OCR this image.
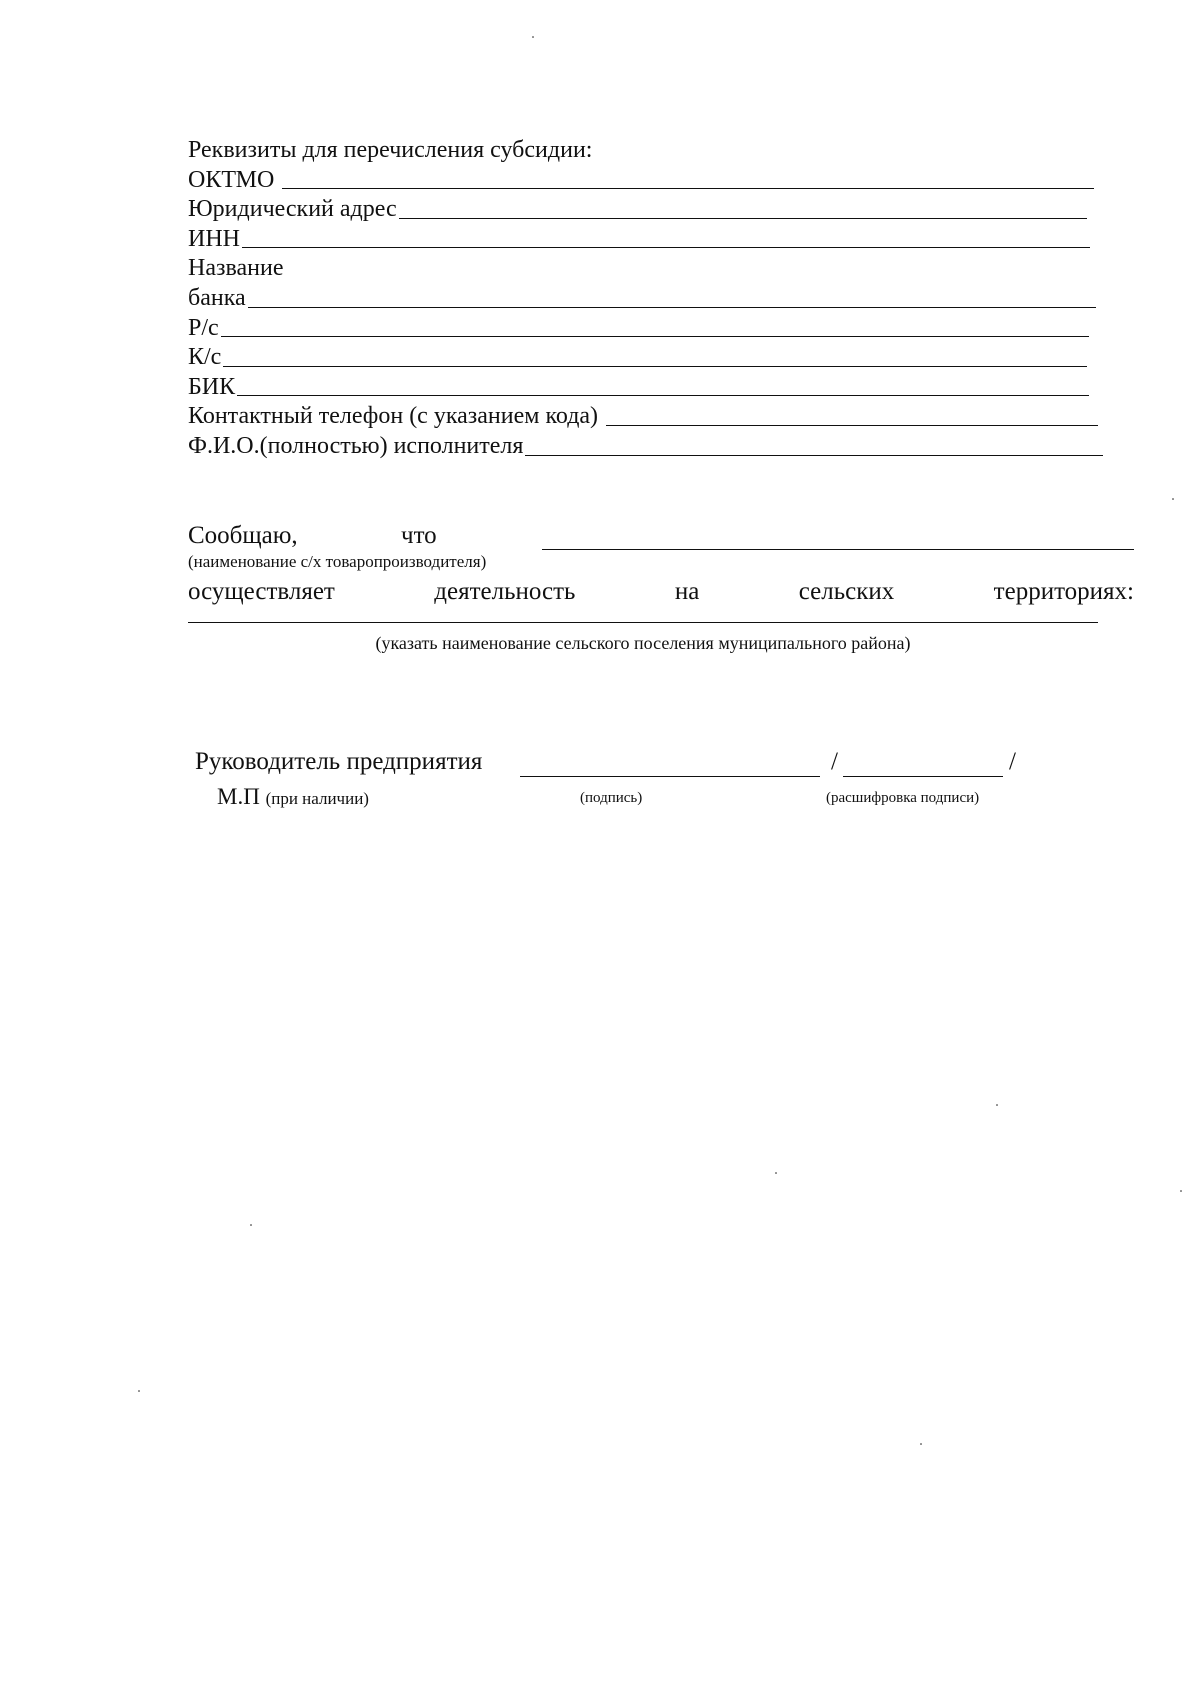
Реквизиты для перечисления субсидии:
ОКТМО
Юридический адрес
ИНН
Название
банка
Р/с
К/с
БИК
Контактный телефон (с указанием кода)
Ф.И.О.(полностью) исполнителя
Сообщаю,	что
(наименование с/х товаропроизводителя)
осуществляет	деятельность	на	сельских	территориях:
(указать наименование сельского поселения муниципального района)
Руководитель предприятия	/	/
М.П (при наличии)	(подпись)	(расшифровка подписи)
